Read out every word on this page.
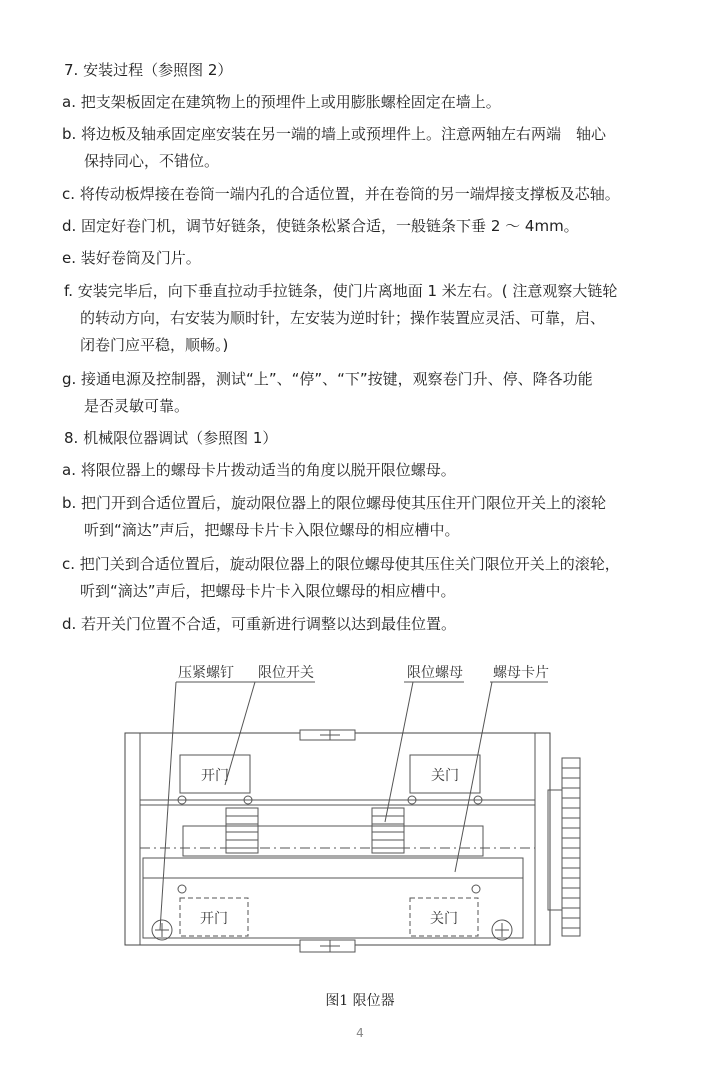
7. 安装过程（参照图 2）
a. 把支架板固定在建筑物上的预埋件上或用膨胀螺栓固定在墙上。
b. 将边板及轴承固定座安装在另一端的墙上或预埋件上。注意两轴左右两端　轴心
保持同心，不错位。
c. 将传动板焊接在卷筒一端内孔的合适位置，并在卷筒的另一端焊接支撑板及芯轴。
d. 固定好卷门机，调节好链条，使链条松紧合适，一般链条下垂 2 ～ 4mm。
e. 装好卷筒及门片。
f. 安装完毕后，向下垂直拉动手拉链条，使门片离地面 1 米左右。( 注意观察大链轮
的转动方向，右安装为顺时针，左安装为逆时针；操作装置应灵活、可靠，启、
闭卷门应平稳，顺畅。)
g. 接通电源及控制器，测试“上”、“停”、“下”按键，观察卷门升、停、降各功能
是否灵敏可靠。
8. 机械限位器调试（参照图 1）
a. 将限位器上的螺母卡片拨动适当的角度以脱开限位螺母。
b. 把门开到合适位置后，旋动限位器上的限位螺母使其压住开门限位开关上的滚轮
听到“滴达”声后，把螺母卡片卡入限位螺母的相应槽中。
c. 把门关到合适位置后，旋动限位器上的限位螺母使其压住关门限位开关上的滚轮，
听到“滴达”声后，把螺母卡片卡入限位螺母的相应槽中。
d. 若开关门位置不合适，可重新进行调整以达到最佳位置。
压紧螺钉 限位开关	限位螺母 螺母卡片
开门	关门
开门	关门
图1 限位器
4
